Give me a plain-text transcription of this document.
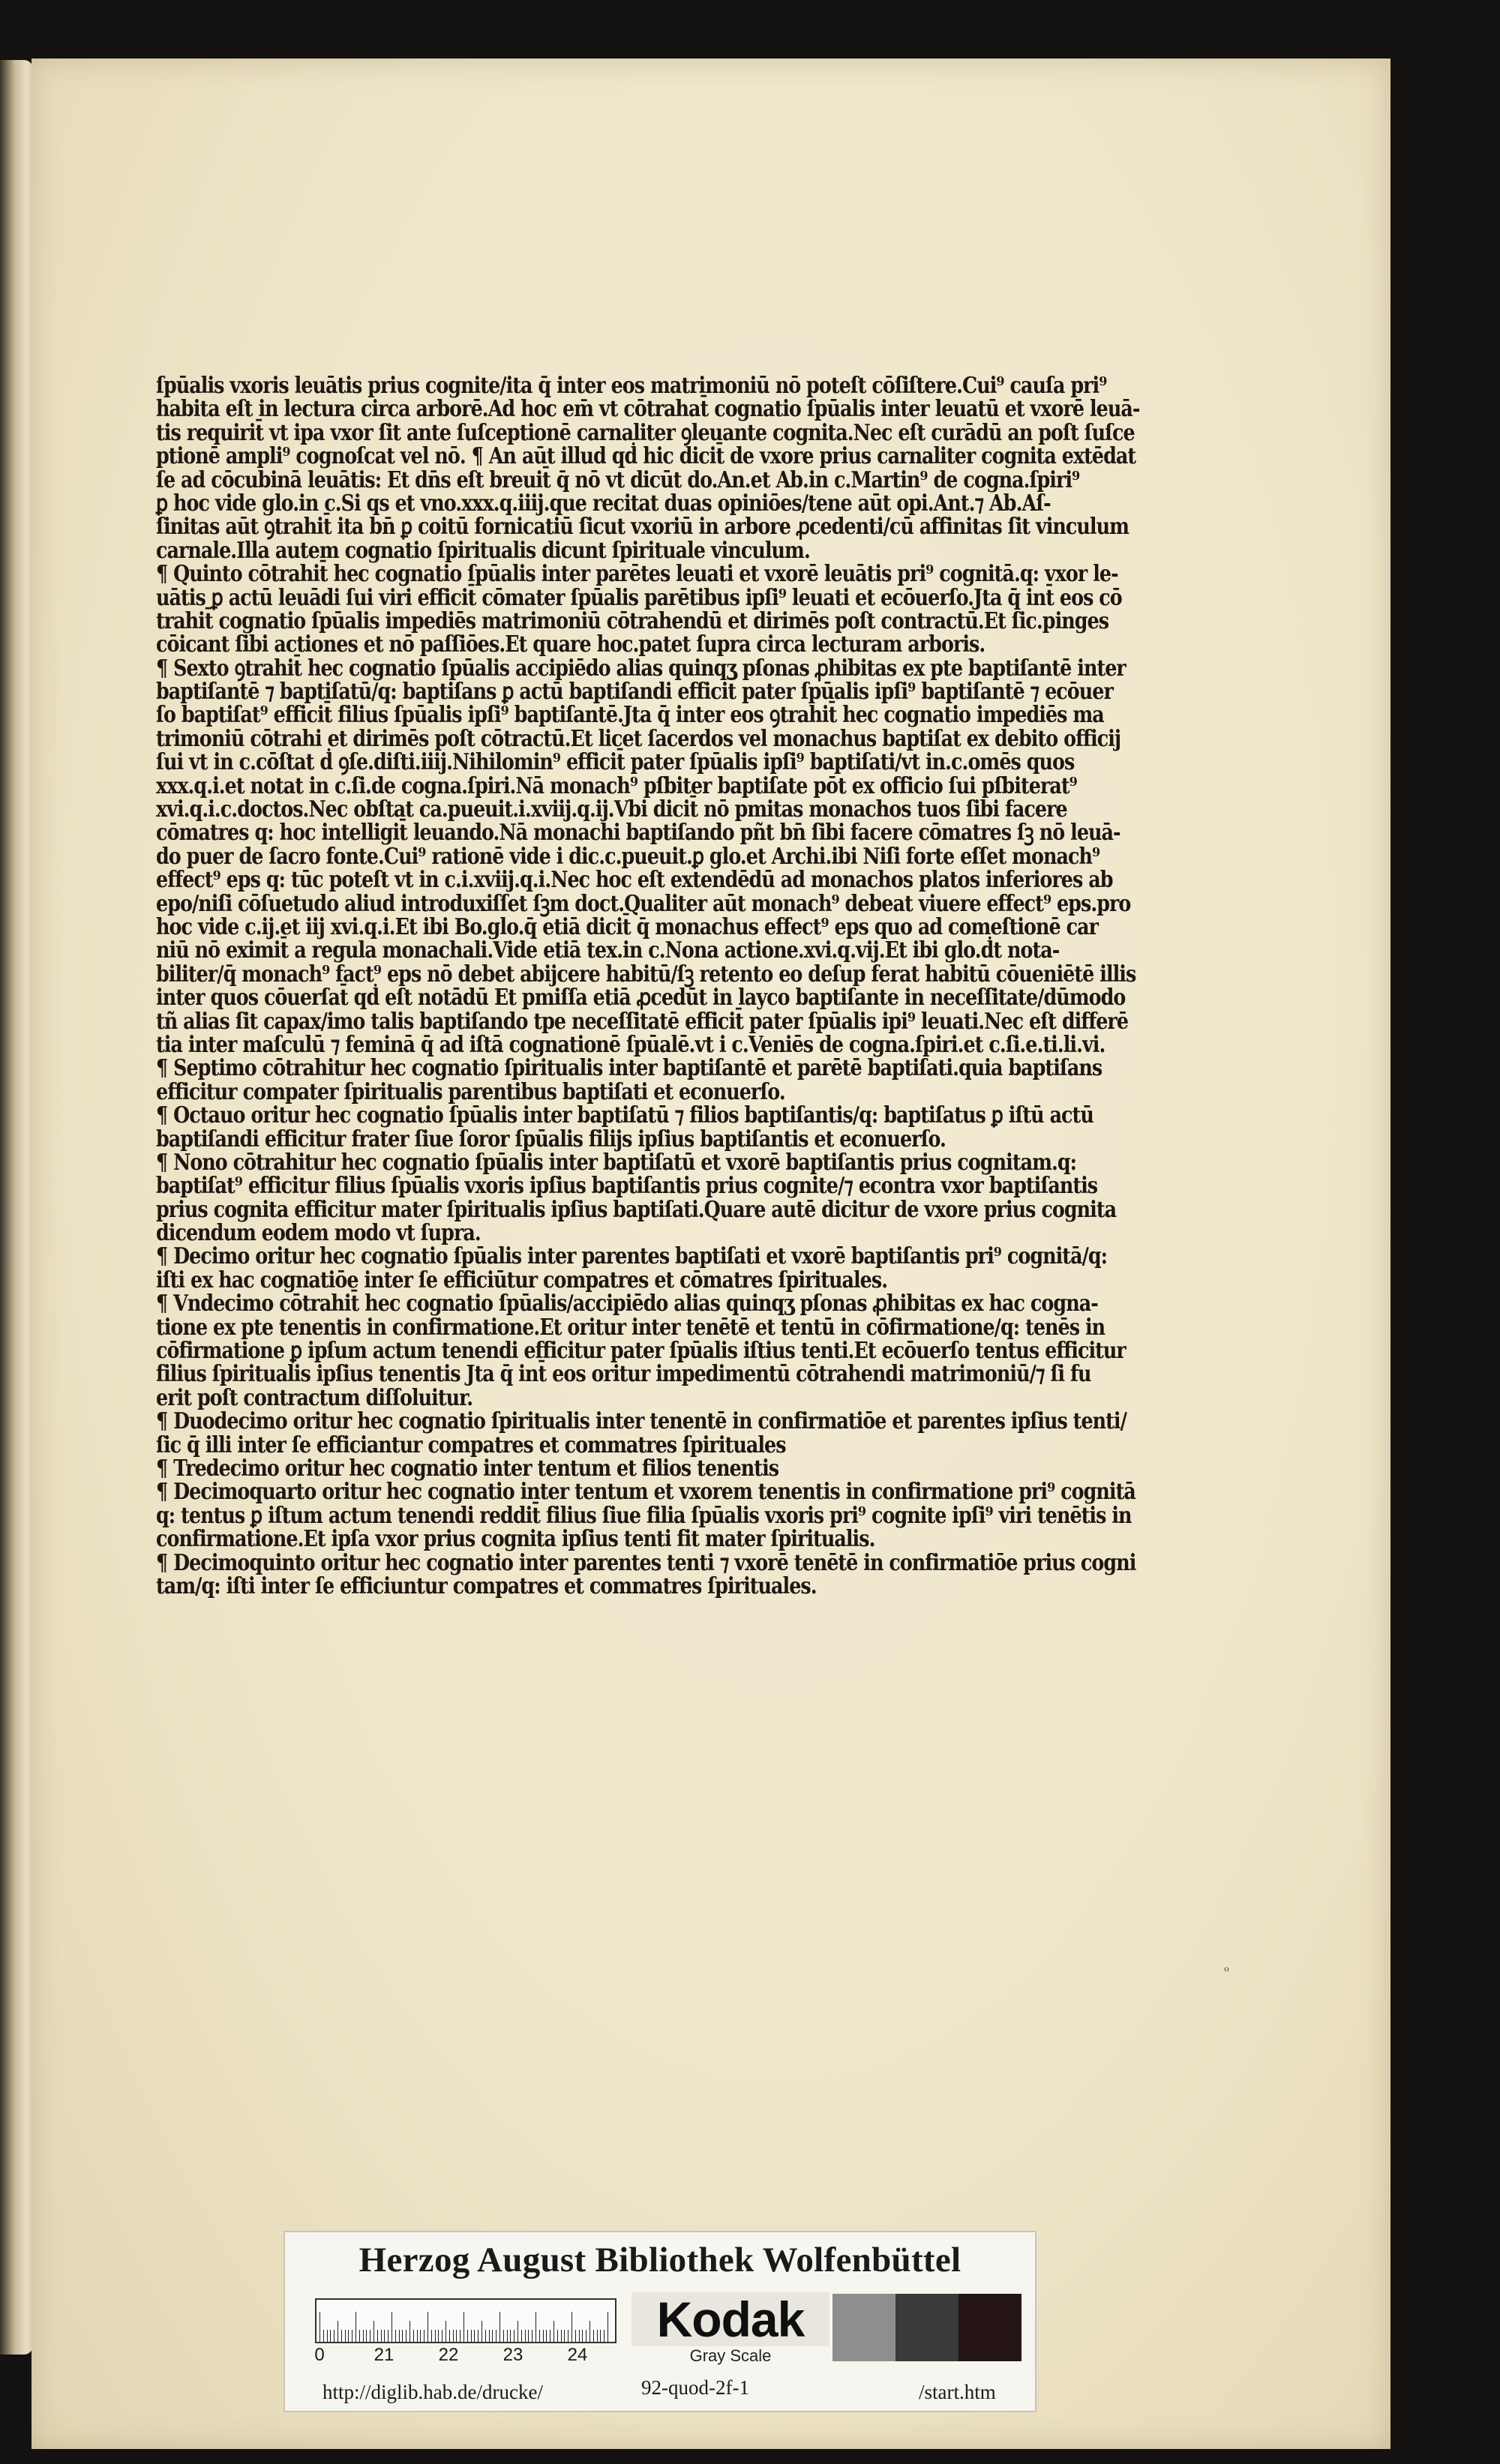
ſpūalis vxoris leuātis prius cognite/ita q̄ inter eos matrimoniū nō poteſt cōſiſtere.Cui⁹ cauſa pri⁹
habita eſt in lectura circa arborē.Ad hoc em̄ vt cōtrahat̄ cognatio ſpūalis inter leuatū et vxorē leuā-
tis requirit̄ vt ipa vxor ſit ante ſuſceptionē carnaliter ꝯleuante cognita.Nec eſt curādū an poſt ſuſce
ptionē ampli⁹ cognoſcat vel nō. ¶ An aūt illud qḋ hic dicit̄ de vxore prius carnaliter cognita extēdat
ſe ad cōcubinā leuātis: Et dn̄s eſt breuit̄ q̄ nō vt dicūt do.An.et Ab.in c.Martin⁹ de cogna.ſpiri⁹
ꝑ hoc vide glo.in c.Si qs et vno.xxx.q.iiij.que recitat duas opiniōes/tene aūt opi.Ant.⁊ Ab.Aſ-
ſinitas aūt ꝯtrahit̄ ita bn̄ ꝑ coitū fornicatiū ſicut vxoriū in arbore ꝓcedenti/cū affinitas ſit vinculum
carnale.Illa autem cognatio ſpiritualis dicunt ſpirituale vinculum.
¶ Quinto cōtrahit̄ hec cognatio ſpūalis inter parētes leuati et vxorē leuātis pri⁹ cognitā.q: vxor le-
uātis ꝑ actū leuādi ſui viri efficit̄ cōmater ſpūalis parētibus ipſi⁹ leuati et ecōuerſo.Jta q̄ int̄ eos cō
trahit̄ cognatio ſpūalis impediēs matrimoniū cōtrahendū et dirimēs poſt contractū.Et ſic.pinges
cōicant ſibi actiones et nō paſſiōes.Et quare hoc.patet ſupra circa lecturam arboris.
¶ Sexto ꝯtrahit̄ hec cognatio ſpūalis accipiēdo alias quinqʒ pſonas ꝓhibitas ex pte baptiſantē inter
baptiſantē ⁊ baptiſatū/q: baptiſans ꝑ actū baptiſandi efficit̄ pater ſpūalis ipſi⁹ baptiſantē ⁊ ecōuer
ſo baptiſat⁹ efficit̄ filius ſpūalis ipſi⁹ baptiſantē.Jta q̄ inter eos ꝯtrahit̄ hec cognatio impediēs ma
trimoniū cōtrahi et dirimēs poſt cōtractū.Et licet ſacerdos vel monachus baptiſat ex debito officij
ſui vt in c.cōſtat ḋ ꝯſe.diſti.iiij.Nihilomin⁹ efficit̄ pater ſpūalis ipſi⁹ baptiſati/vt in.c.omēs quos
xxx.q.i.et notat in c.ſi.de cogna.ſpiri.Nā monach⁹ pſbiter baptiſate pōt ex officio ſui pſbiterat⁹
xvi.q.i.c.doctos.Nec obſtat ca.pueuit.i.xviij.q.ij.Vbi dicit̄ nō pmitas monachos tuos ſibi facere
cōmatres q: hoc intelligit̄ leuando.Nā monachi baptiſando pñt bn̄ ſibi facere cōmatres ſꝫ nō leuā-
do puer de ſacro fonte.Cui⁹ rationē vide i dic.c.pueuit.ꝑ glo.et Archi.ibi Niſi forte eſſet monach⁹
effect⁹ eps q: tūc poteſt vt in c.i.xviij.q.i.Nec hoc eſt extendēdū ad monachos platos inferiores ab
epo/niſi cōſuetudo aliud introduxiſſet ſꝫm doct.Qualiter aūt monach⁹ debeat viuere effect⁹ eps.pro
hoc vide c.ij.et iij xvi.q.i.Et ibi Bo.glo.q̄ etiā dicit̄ q̄ monachus effect⁹ eps quo ad comeſtionē car
niū nō eximit̄ a regula monachali.Vide etiā tex.in c.Nona actione.xvi.q.vij.Et ibi glo.ḋt nota-
biliter/q̄ monach⁹ fact⁹ eps nō debet abijcere habitū/ſꝫ retento eo deſup ferat habitū cōueniētē illis
inter quos cōuerſat̄ qḋ eſt notādū Et pmiſſa etiā ꝓcedūt in layco baptiſante in neceſſitate/dūmodo
tñ alias ſit capax/imo talis baptiſando tpe neceſſitatē efficit̄ pater ſpūalis ipi⁹ leuati.Nec eſt differē
tia inter maſculū ⁊ feminā q̄ ad iſtā cognationē ſpūalē.vt i c.Veniēs de cogna.ſpiri.et c.ſi.e.ti.li.vi.
¶ Septimo cōtrahitur hec cognatio ſpiritualis inter baptiſantē et parētē baptiſati.quia baptiſans
efficitur compater ſpiritualis parentibus baptiſati et econuerſo.
¶ Octauo oritur hec cognatio ſpūalis inter baptiſatū ⁊ filios baptiſantis/q: baptiſatus ꝑ iſtū actū
baptiſandi efficitur frater ſiue ſoror ſpūalis filijs ipſius baptiſantis et econuerſo.
¶ Nono cōtrahitur hec cognatio ſpūalis inter baptiſatū et vxorē baptiſantis prius cognitam.q:
baptiſat⁹ efficitur filius ſpūalis vxoris ipſius baptiſantis prius cognite/⁊ econtra vxor baptiſantis
prius cognita efficitur mater ſpiritualis ipſius baptiſati.Quare autē dicitur de vxore prius cognita
dicendum eodem modo vt ſupra.
¶ Decimo oritur hec cognatio ſpūalis inter parentes baptiſati et vxorē baptiſantis pri⁹ cognitā/q:
iſti ex hac cognatiōe inter ſe efficiūtur compatres et cōmatres ſpirituales.
¶ Vndecimo cōtrahit̄ hec cognatio ſpūalis/accipiēdo alias quinqʒ pſonas ꝓhibitas ex hac cogna-
tione ex pte tenentis in confirmatione.Et oritur inter tenētē et tentū in cōfirmatione/q: tenēs in
cōfirmatione ꝑ ipſum actum tenendi efficitur pater ſpūalis iſtius tenti.Et ecōuerſo tentus efficitur
filius ſpiritualis ipſius tenentis Jta q̄ int̄ eos oritur impedimentū cōtrahendi matrimoniū/⁊ ſi fu
erit poſt contractum diſſoluitur.
¶ Duodecimo oritur hec cognatio ſpiritualis inter tenentē in confirmatiōe et parentes ipſius tenti/
ſic q̄ illi inter ſe efficiantur compatres et commatres ſpirituales
¶ Tredecimo oritur hec cognatio inter tentum et filios tenentis
¶ Decimoquarto oritur hec cognatio inter tentum et vxorem tenentis in confirmatione pri⁹ cognitā
q: tentus ꝑ iſtum actum tenendi reddit̄ filius ſiue filia ſpūalis vxoris pri⁹ cognite ipſi⁹ viri tenētis in
confirmatione.Et ipſa vxor prius cognita ipſius tenti fit mater ſpiritualis.
¶ Decimoquinto oritur hec cognatio inter parentes tenti ⁊ vxorē tenētē in confirmatiōe prius cogni
tam/q: iſti inter ſe efficiuntur compatres et commatres ſpirituales.
ₒ
Herzog August Bibliothek Wolfenbüttel
0	21 22 23 24
Kodak
Gray Scale
http://diglib.hab.de/drucke/	92-quod-2f-1	/start.htm
